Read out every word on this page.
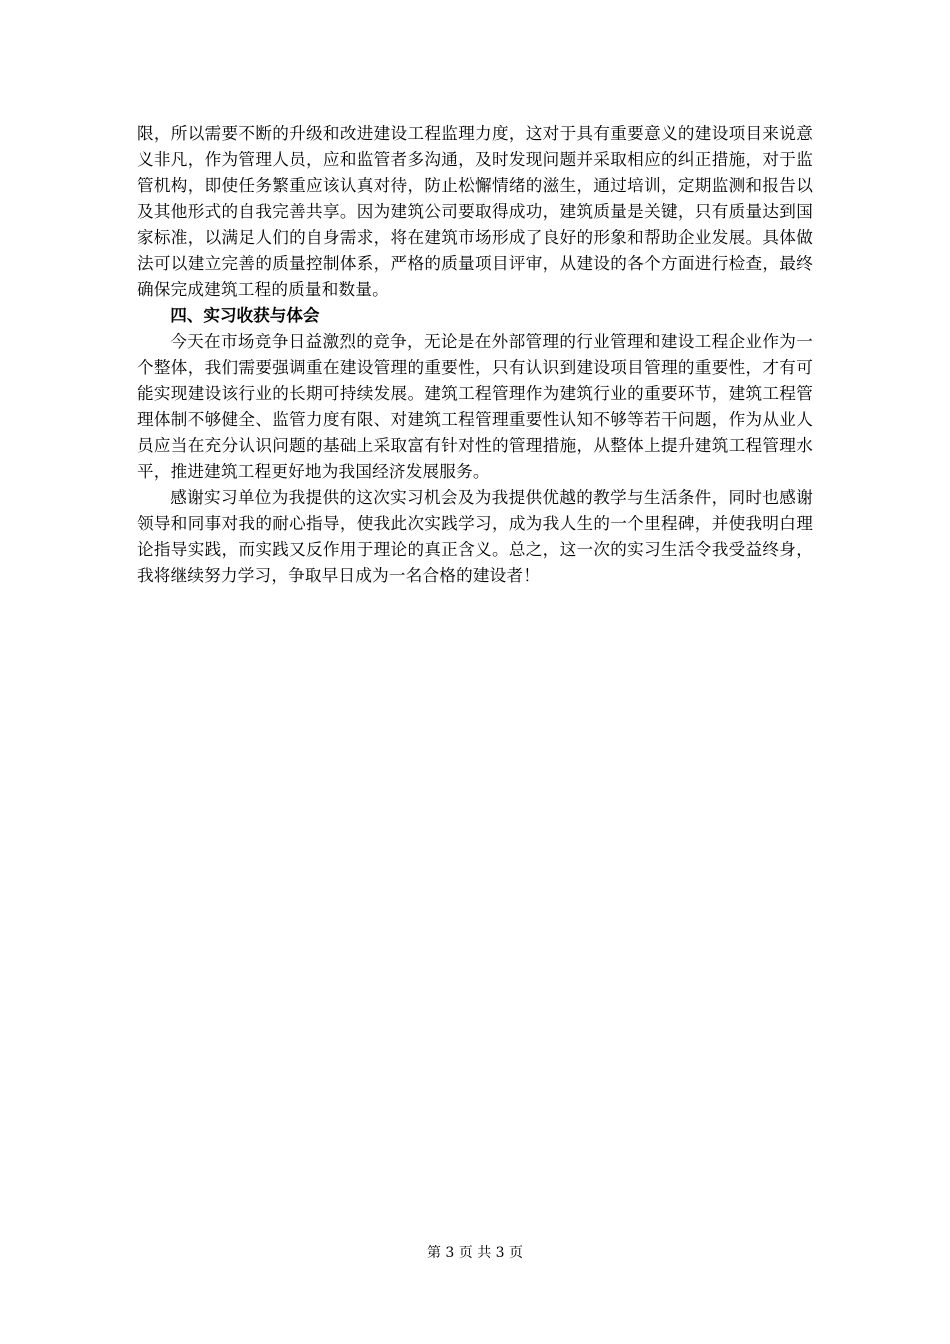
限，所以需要不断的升级和改进建设工程监理力度，这对于具有重要意义的建设项目来说意义非凡，作为管理人员，应和监管者多沟通，及时发现问题并采取相应的纠正措施，对于监管机构，即使任务繁重应该认真对待，防止松懈情绪的滋生，通过培训，定期监测和报告以及其他形式的自我完善共享。因为建筑公司要取得成功，建筑质量是关键，只有质量达到国家标准，以满足人们的自身需求，将在建筑市场形成了良好的形象和帮助企业发展。具体做法可以建立完善的质量控制体系，严格的质量项目评审，从建设的各个方面进行检查，最终确保完成建筑工程的质量和数量。

四、实习收获与体会

今天在市场竞争日益激烈的竞争，无论是在外部管理的行业管理和建设工程企业作为一个整体，我们需要强调重在建设管理的重要性，只有认识到建设项目管理的重要性，才有可能实现建设该行业的长期可持续发展。建筑工程管理作为建筑行业的重要环节，建筑工程管理体制不够健全、监管力度有限、对建筑工程管理重要性认知不够等若干问题，作为从业人员应当在充分认识问题的基础上采取富有针对性的管理措施，从整体上提升建筑工程管理水平，推进建筑工程更好地为我国经济发展服务。

感谢实习单位为我提供的这次实习机会及为我提供优越的教学与生活条件，同时也感谢领导和同事对我的耐心指导，使我此次实践学习，成为我人生的一个里程碑，并使我明白理论指导实践，而实践又反作用于理论的真正含义。总之，这一次的实习生活令我受益终身，我将继续努力学习，争取早日成为一名合格的建设者！

第 3 页 共 3 页
